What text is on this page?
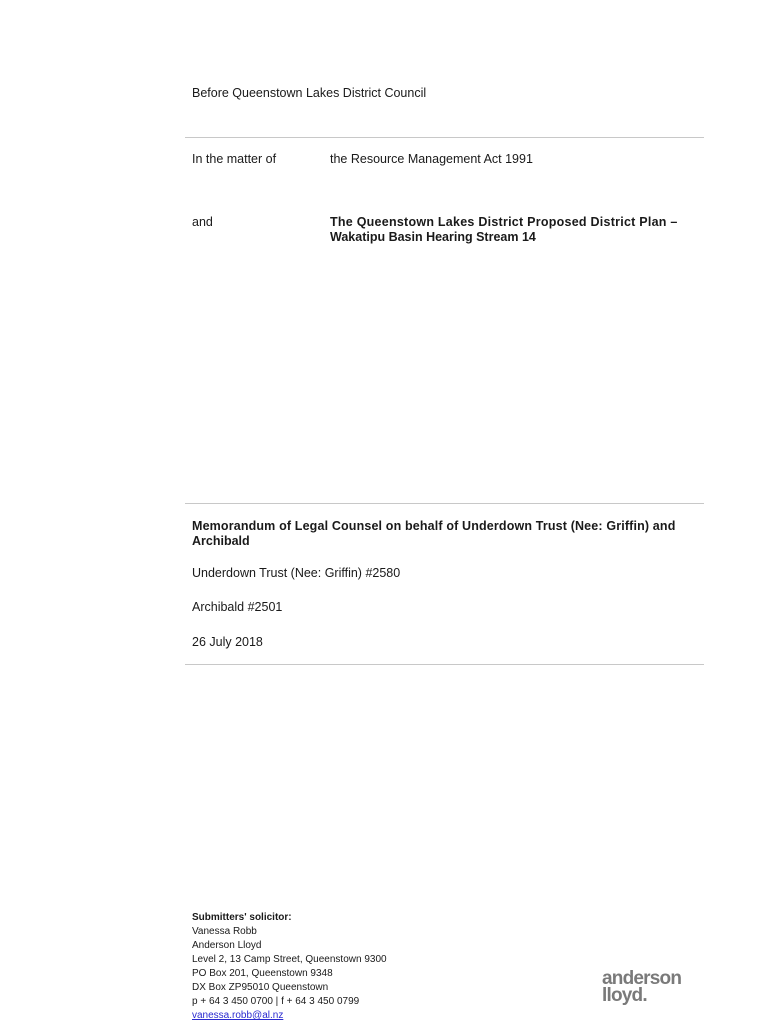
Before Queenstown Lakes District Council
In the matter of	the Resource Management Act 1991
and	The Queenstown Lakes District Proposed District Plan –
Wakatipu Basin Hearing Stream 14
Memorandum of Legal Counsel on behalf of Underdown Trust (Nee: Griffin) and
Archibald
Underdown Trust (Nee: Griffin) #2580
Archibald #2501
26 July 2018
Submitters' solicitor:
Vanessa Robb
Anderson Lloyd
Level 2, 13 Camp Street, Queenstown 9300
PO Box 201, Queenstown 9348
DX Box ZP95010 Queenstown
p + 64 3 450 0700 | f + 64 3 450 0799
vanessa.robb@al.nz
anderson
lloyd.
